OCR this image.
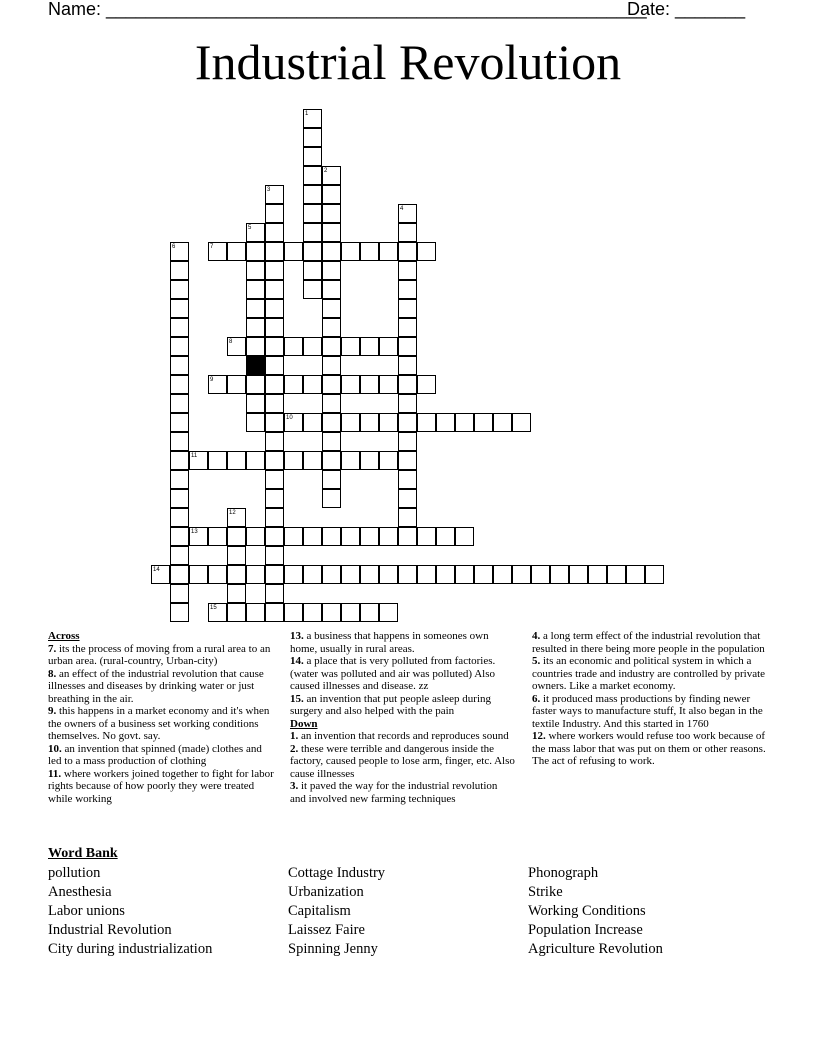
Name: ______________________________________________________
Date: _______
Industrial Revolution
1
2
3
4
5
6	7
8
9
10
11
12
13
14
15
Across
7. its the process of moving from a rural area to an urban area. (rural-country, Urban-city)
8. an effect of the industrial revolution that cause illnesses and diseases by drinking water or just breathing in the air.
9. this happens in a market economy and it's when the owners of a business set working conditions themselves. No govt. say.
10. an invention that spinned (made) clothes and led to a mass production of clothing
11. where workers joined together to fight for labor rights because of how poorly they were treated while working
13. a business that happens in someones own home, usually in rural areas.
14. a place that is very polluted from factories. (water was polluted and air was polluted) Also caused illnesses and disease. zz
15. an invention that put people asleep during surgery and also helped with the pain
Down
1. an invention that records and reproduces sound
2. these were terrible and dangerous inside the factory, caused people to lose arm, finger, etc. Also cause illnesses
3. it paved the way for the industrial revolution and involved new farming techniques
4. a long term effect of the industrial revolution that resulted in there being more people in the population
5. its an economic and political system in which a countries trade and industry are controlled by private owners. Like a market economy.
6. it produced mass productions by finding newer faster ways to manufacture stuff, It also began in the textile Industry. And this started in 1760
12. where workers would refuse too work because of the mass labor that was put on them or other reasons. The act of refusing to work.
Word Bank
pollution
Anesthesia
Labor unions
Industrial Revolution
City during industrialization
Cottage Industry
Urbanization
Capitalism
Laissez Faire
Spinning Jenny
Phonograph
Strike
Working Conditions
Population Increase
Agriculture Revolution
